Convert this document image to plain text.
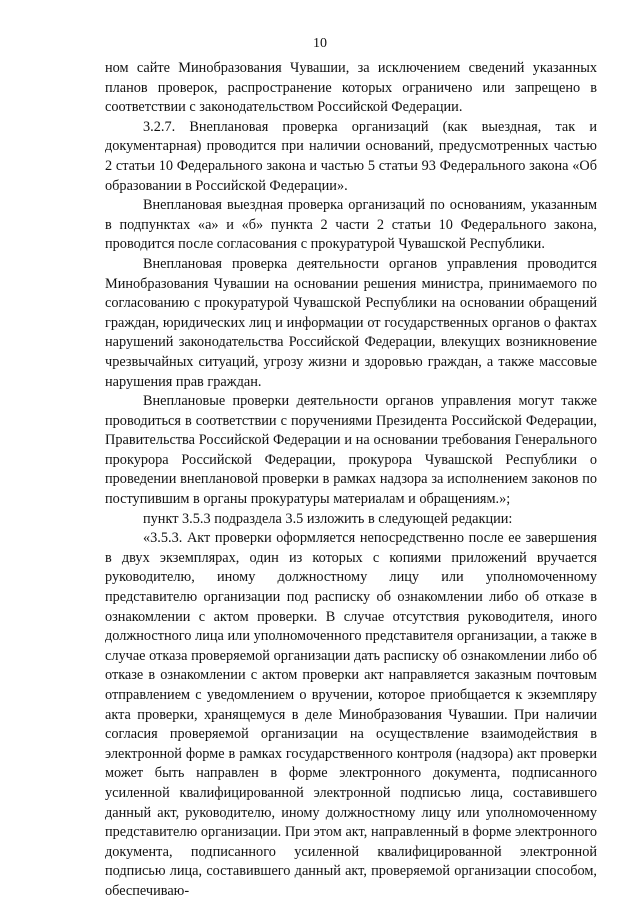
10

ном сайте Минобразования Чувашии, за исключением сведений указанных планов проверок, распространение которых ограничено или запрещено в соответствии с законодательством Российской Федерации.

3.2.7. Внеплановая проверка организаций (как выездная, так и документарная) проводится при наличии оснований, предусмотренных частью 2 статьи 10 Федерального закона и частью 5 статьи 93 Федерального закона «Об образовании в Российской Федерации».

Внеплановая выездная проверка организаций по основаниям, указанным в подпунктах «а» и «б» пункта 2 части 2 статьи 10 Федерального закона, проводится после согласования с прокуратурой Чувашской Республики.

Внеплановая проверка деятельности органов управления проводится Минобразования Чувашии на основании решения министра, принимаемого по согласованию с прокуратурой Чувашской Республики на основании обращений граждан, юридических лиц и информации от государственных органов о фактах нарушений законодательства Российской Федерации, влекущих возникновение чрезвычайных ситуаций, угрозу жизни и здоровью граждан, а также массовые нарушения прав граждан.

Внеплановые проверки деятельности органов управления могут также проводиться в соответствии с поручениями Президента Российской Федерации, Правительства Российской Федерации и на основании требования Генерального прокурора Российской Федерации, прокурора Чувашской Республики о проведении внеплановой проверки в рамках надзора за исполнением законов по поступившим в органы прокуратуры материалам и обращениям.»;

пункт 3.5.3 подраздела 3.5 изложить в следующей редакции:

«3.5.3. Акт проверки оформляется непосредственно после ее завершения в двух экземплярах, один из которых с копиями приложений вручается руководителю, иному должностному лицу или уполномоченному представителю организации под расписку об ознакомлении либо об отказе в ознакомлении с актом проверки. В случае отсутствия руководителя, иного должностного лица или уполномоченного представителя организации, а также в случае отказа проверяемой организации дать расписку об ознакомлении либо об отказе в ознакомлении с актом проверки акт направляется заказным почтовым отправлением с уведомлением о вручении, которое приобщается к экземпляру акта проверки, хранящемуся в деле Минобразования Чувашии. При наличии согласия проверяемой организации на осуществление взаимодействия в электронной форме в рамках государственного контроля (надзора) акт проверки может быть направлен в форме электронного документа, подписанного усиленной квалифицированной электронной подписью лица, составившего данный акт, руководителю, иному должностному лицу или уполномоченному представителю организации. При этом акт, направленный в форме электронного документа, подписанного усиленной квалифицированной электронной подписью лица, составившего данный акт, проверяемой организации способом, обеспечиваю-
